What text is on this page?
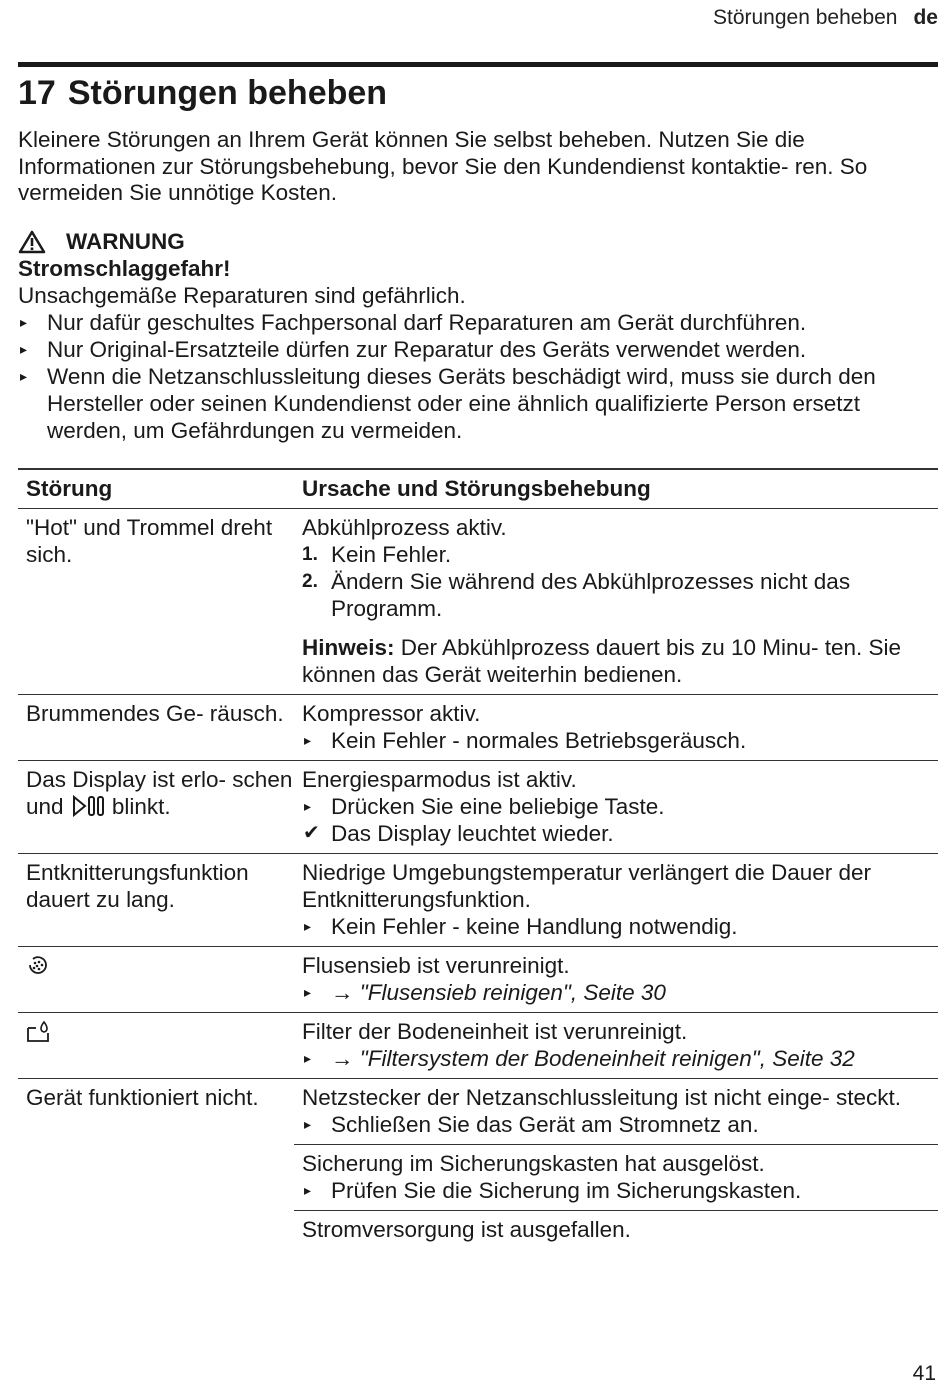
Störungen beheben de
17 Störungen beheben

Kleinere Störungen an Ihrem Gerät können Sie selbst beheben. Nutzen Sie die Informationen zur Störungsbehebung, bevor Sie den Kundendienst kontaktie- ren. So vermeiden Sie unnötige Kosten.

WARNUNG
Stromschlaggefahr!
Unsachgemäße Reparaturen sind gefährlich.
▸ Nur dafür geschultes Fachpersonal darf Reparaturen am Gerät durchführen.
▸ Nur Original-Ersatzteile dürfen zur Reparatur des Geräts verwendet werden.
▸ Wenn die Netzanschlussleitung dieses Geräts beschädigt wird, muss sie durch den Hersteller oder seinen Kundendienst oder eine ähnlich qualifizierte Person ersetzt werden, um Gefährdungen zu vermeiden.
Störung	Ursache und Störungsbehebung
"Hot" und Trommel dreht sich.
Abkühlprozess aktiv.
1. Kein Fehler.
2. Ändern Sie während des Abkühlprozesses nicht das Programm.
Hinweis: Der Abkühlprozess dauert bis zu 10 Minu- ten. Sie können das Gerät weiterhin bedienen.
Brummendes Ge- räusch. Kompressor aktiv.
▸ Kein Fehler - normales Betriebsgeräusch.
Das Display ist erlo- schen und blinkt.
Energiesparmodus ist aktiv.
▸ Drücken Sie eine beliebige Taste.
✔ Das Display leuchtet wieder.
Entknitterungsfunktion dauert zu lang.
Niedrige Umgebungstemperatur verlängert die Dauer der Entknitterungsfunktion.
▸ Kein Fehler - keine Handlung notwendig.
Flusensieb ist verunreinigt.
▸ → "Flusensieb reinigen", Seite 30
Filter der Bodeneinheit ist verunreinigt.
▸ → "Filtersystem der Bodeneinheit reinigen", Seite 32
Gerät funktioniert nicht.	Netzstecker der Netzanschlussleitung ist nicht einge- steckt.
▸ Schließen Sie das Gerät am Stromnetz an.
Sicherung im Sicherungskasten hat ausgelöst.
▸ Prüfen Sie die Sicherung im Sicherungskasten.
Stromversorgung ist ausgefallen.
41
